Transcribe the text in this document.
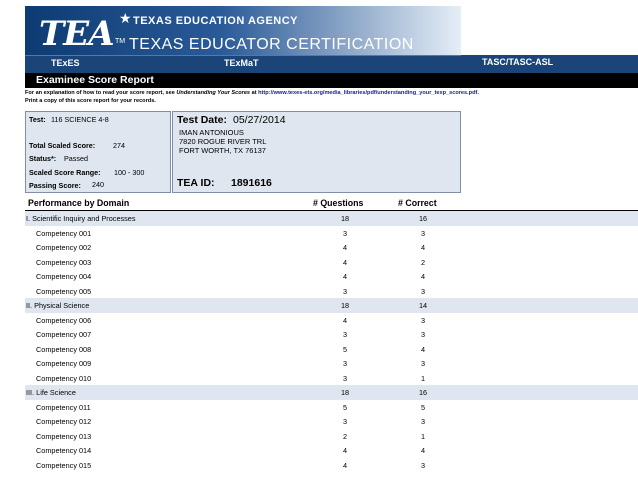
TEA ★
TM
TEXAS EDUCATION AGENCY
TEXAS EDUCATOR CERTIFICATION
TExES	TExMaT	TASC/TASC-ASL
Examinee Score Report
For an explanation of how to read your score report, see Understanding Your Scores at http://www.texes-ets.org/media_libraries/pdf/understanding_your_texp_scores.pdf.
Print a copy of this score report for your records.
Test: 116 SCIENCE 4-8
Total Scaled Score: 274
Status*: Passed
Scaled Score Range: 100 - 300
Passing Score: 240
Test Date: 05/27/2014
IMAN ANTONIOUS
7820 ROGUE RIVER TRL
FORT WORTH, TX 76137
TEA ID: 1891616
Performance by Domain	# Questions	# Correct
I. Scientific Inquiry and Processes	18	16
Competency 001	3	3
Competency 002	4	4
Competency 003	4	2
Competency 004	4	4
Competency 005	3	3
II. Physical Science	18	14
Competency 006	4	3
Competency 007	3	3
Competency 008	5	4
Competency 009	3	3
Competency 010	3	1
III. Life Science	18	16
Competency 011	5	5
Competency 012	3	3
Competency 013	2	1
Competency 014	4	4
Competency 015	4	3
